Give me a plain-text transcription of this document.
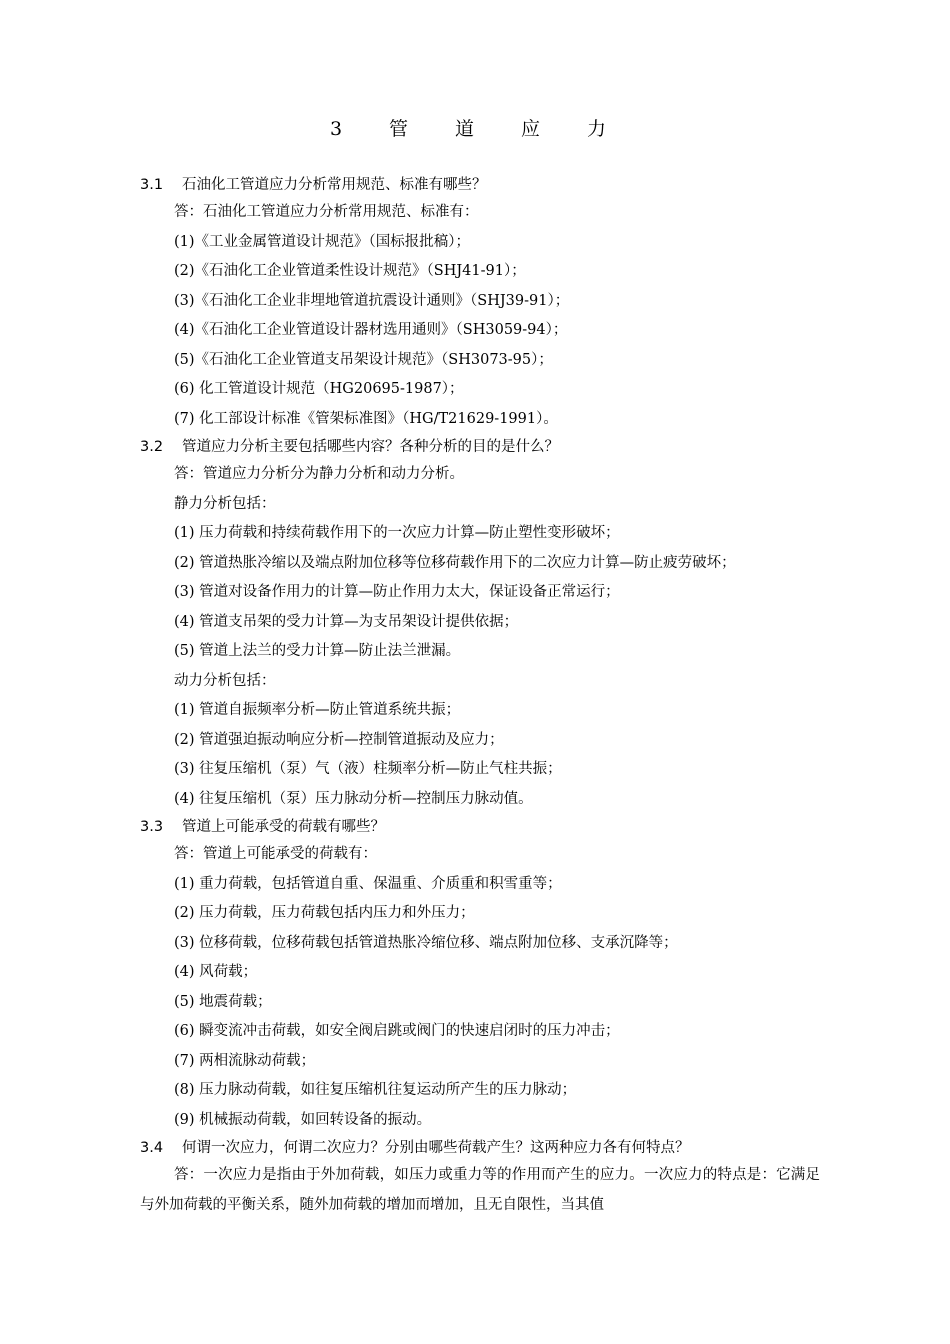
3　管　道　应　力
3.1 石油化工管道应力分析常用规范、标准有哪些？
答：石油化工管道应力分析常用规范、标准有：
(1)《工业金属管道设计规范》（国标报批稿）；
(2)《石油化工企业管道柔性设计规范》（SHJ41-91）；
(3)《石油化工企业非埋地管道抗震设计通则》（SHJ39-91）；
(4)《石油化工企业管道设计器材选用通则》（SH3059-94）；
(5)《石油化工企业管道支吊架设计规范》（SH3073-95）；
(6) 化工管道设计规范（HG20695-1987）；
(7) 化工部设计标准《管架标准图》（HG/T21629-1991）。
3.2 管道应力分析主要包括哪些内容？各种分析的目的是什么？
答：管道应力分析分为静力分析和动力分析。
静力分析包括：
(1) 压力荷载和持续荷载作用下的一次应力计算—防止塑性变形破坏；
(2) 管道热胀冷缩以及端点附加位移等位移荷载作用下的二次应力计算—防止疲劳破坏；
(3) 管道对设备作用力的计算—防止作用力太大，保证设备正常运行；
(4) 管道支吊架的受力计算—为支吊架设计提供依据；
(5) 管道上法兰的受力计算—防止法兰泄漏。
动力分析包括：
(1) 管道自振频率分析—防止管道系统共振；
(2) 管道强迫振动响应分析—控制管道振动及应力；
(3) 往复压缩机（泵）气（液）柱频率分析—防止气柱共振；
(4) 往复压缩机（泵）压力脉动分析—控制压力脉动值。
3.3 管道上可能承受的荷载有哪些？
答：管道上可能承受的荷载有：
(1) 重力荷载，包括管道自重、保温重、介质重和积雪重等；
(2) 压力荷载，压力荷载包括内压力和外压力；
(3) 位移荷载，位移荷载包括管道热胀冷缩位移、端点附加位移、支承沉降等；
(4) 风荷载；
(5) 地震荷载；
(6) 瞬变流冲击荷载，如安全阀启跳或阀门的快速启闭时的压力冲击；
(7) 两相流脉动荷载；
(8) 压力脉动荷载，如往复压缩机往复运动所产生的压力脉动；
(9) 机械振动荷载，如回转设备的振动。
3.4 何谓一次应力，何谓二次应力？分别由哪些荷载产生？这两种应力各有何特点？
答：一次应力是指由于外加荷载，如压力或重力等的作用而产生的应力。一次应力的特点是：它满足与外加荷载的平衡关系，随外加荷载的增加而增加，且无自限性，当其值
